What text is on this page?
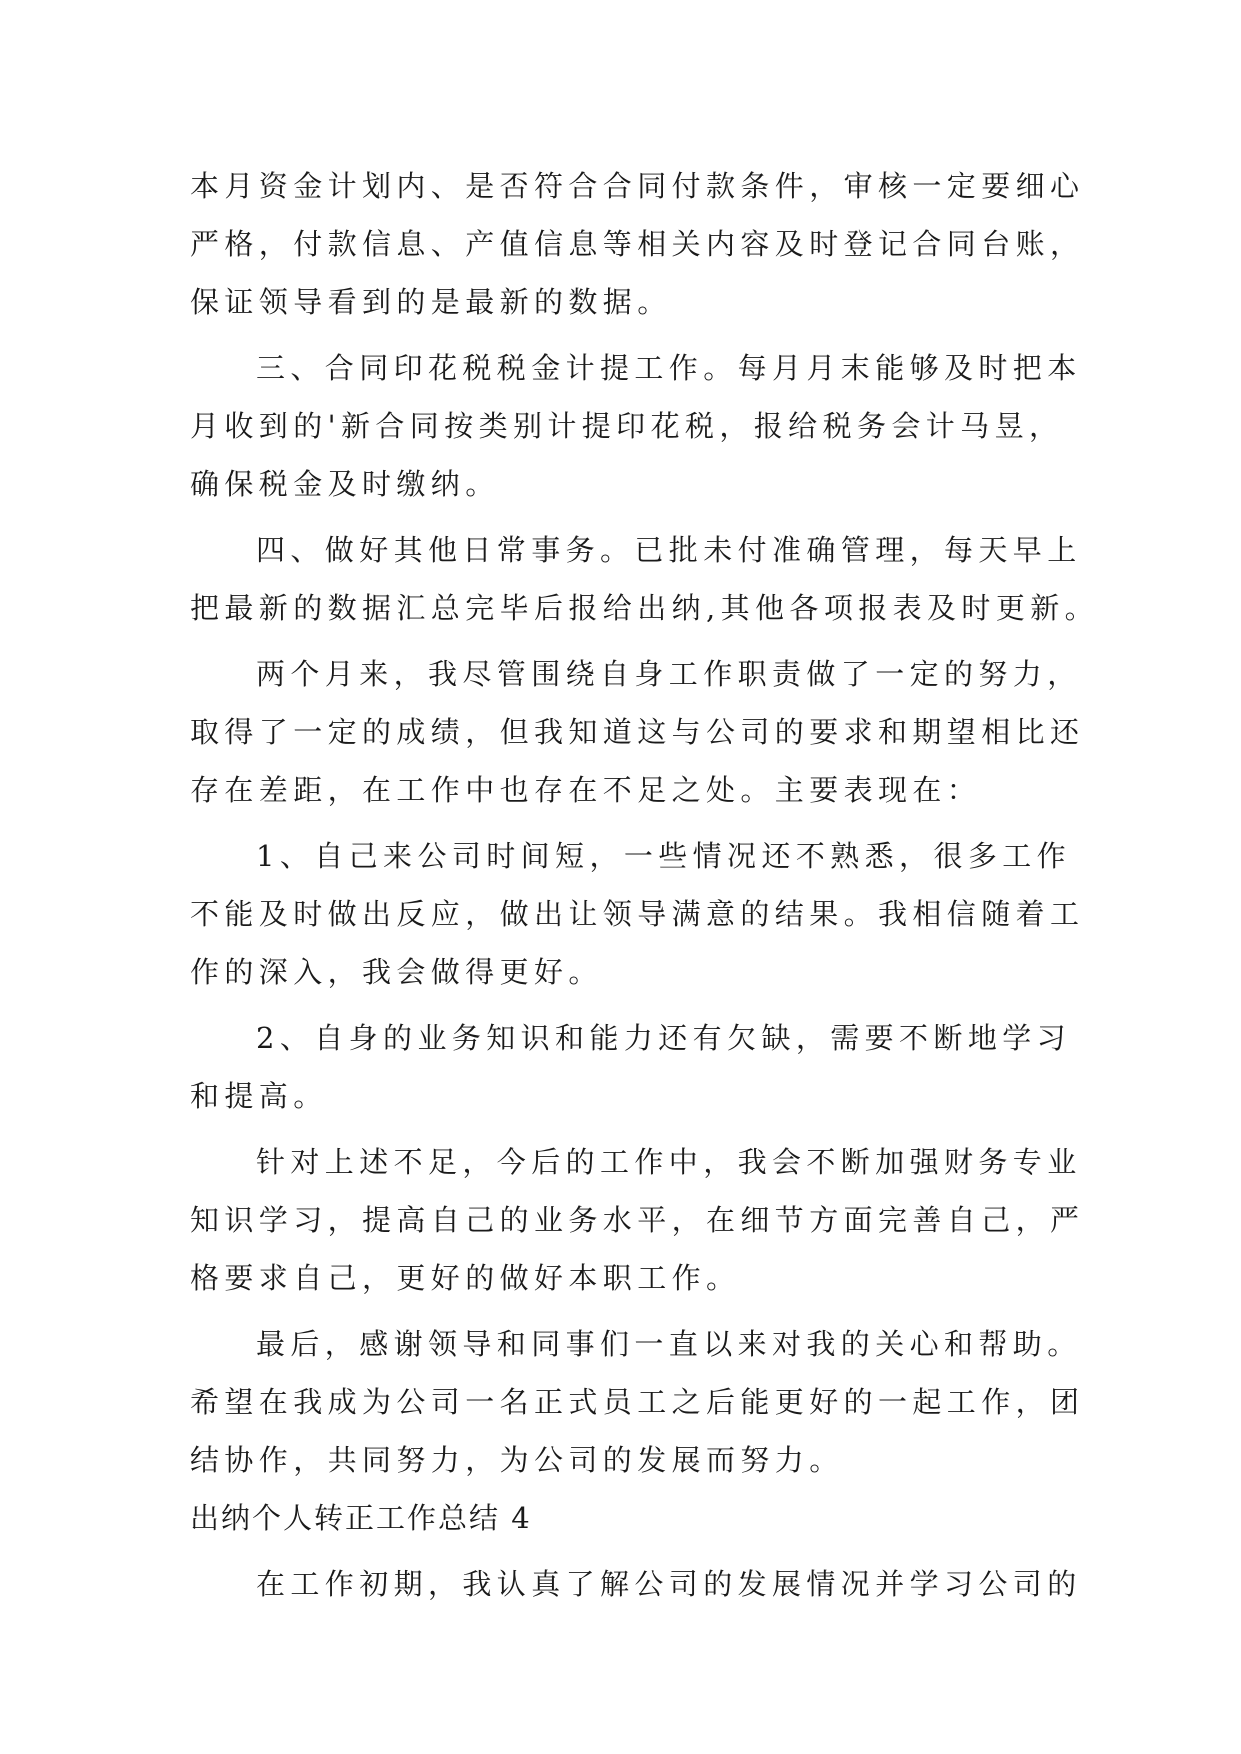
本月资金计划内、是否符合合同付款条件，审核一定要细心
严格，付款信息、产值信息等相关内容及时登记合同台账，
保证领导看到的是最新的数据。
三、合同印花税税金计提工作。每月月末能够及时把本
月收到的'新合同按类别计提印花税，报给税务会计马昱，
确保税金及时缴纳。
四、做好其他日常事务。已批未付准确管理，每天早上
把最新的数据汇总完毕后报给出纳,其他各项报表及时更新。
两个月来，我尽管围绕自身工作职责做了一定的努力，
取得了一定的成绩，但我知道这与公司的要求和期望相比还
存在差距，在工作中也存在不足之处。主要表现在：
1、自己来公司时间短，一些情况还不熟悉，很多工作
不能及时做出反应，做出让领导满意的结果。我相信随着工
作的深入，我会做得更好。
2、自身的业务知识和能力还有欠缺，需要不断地学习
和提高。
针对上述不足，今后的工作中，我会不断加强财务专业
知识学习，提高自己的业务水平，在细节方面完善自己，严
格要求自己，更好的做好本职工作。
最后，感谢领导和同事们一直以来对我的关心和帮助。
希望在我成为公司一名正式员工之后能更好的一起工作，团
结协作，共同努力，为公司的发展而努力。
出纳个人转正工作总结 4
在工作初期，我认真了解公司的发展情况并学习公司的
